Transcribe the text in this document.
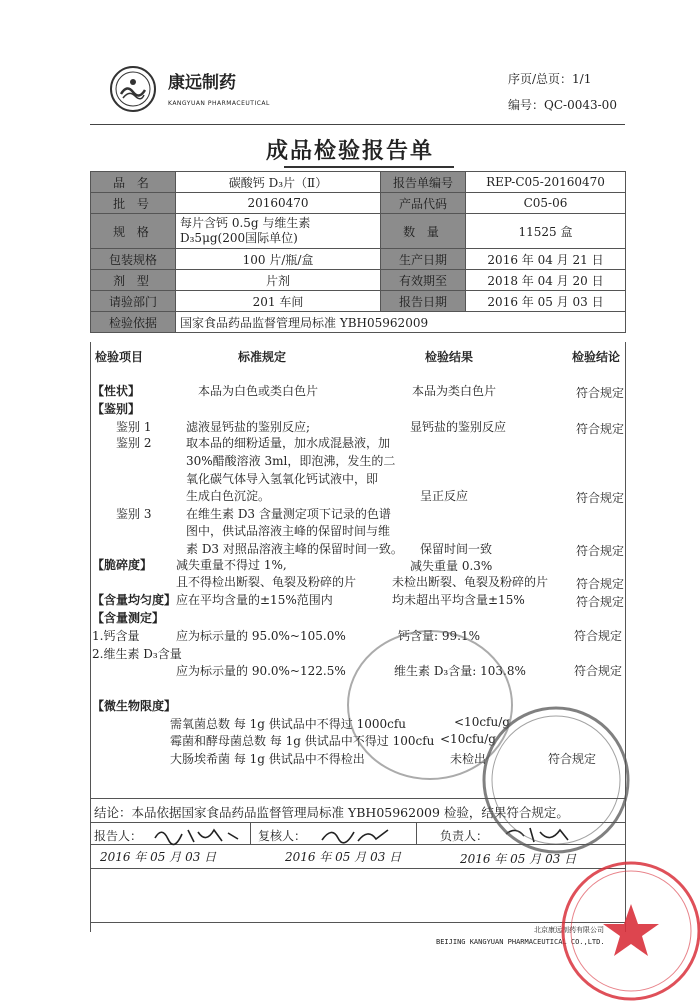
康远制药
KANGYUAN PHARMACEUTICAL
序页/总页：1/1
编号：QC-0043-00
成品检验报告单
品 名	碳酸钙 D₃片（Ⅱ）	报告单编号	REP-C05-20160470
批 号	20160470	产品代码	C05-06
规 格	每片含钙 0.5g 与维生素 D₃5μg(200国际单位)	数 量	11525 盒
包装规格	100 片/瓶/盒	生产日期	2016 年 04 月 21 日
剂 型	片剂	有效期至	2018 年 04 月 20 日
请验部门	201 车间	报告日期	2016 年 05 月 03 日
检验依据	国家食品药品监督管理局标准 YBH05962009		
检验项目	标准规定	检验结果	检验结论
【性状】	本品为白色或类白色片	本品为类白色片	符合规定
【鉴别】
鉴别 1	滤液显钙盐的鉴别反应;	显钙盐的鉴别反应	符合规定
鉴别 2	取本品的细粉适量，加水成混悬液，加
30%醋酸溶液 3ml，即泡沸，发生的二
氧化碳气体导入氢氧化钙试液中，即
生成白色沉淀。	呈正反应	符合规定
鉴别 3	在维生素 D3 含量测定项下记录的色谱
图中，供试品溶液主峰的保留时间与维
素 D3 对照品溶液主峰的保留时间一致。 保留时间一致	符合规定
【脆碎度】 减失重量不得过 1%,	减失重量 0.3%
且不得检出断裂、龟裂及粉碎的片	未检出断裂、龟裂及粉碎的片 符合规定
【含量均匀度】 应在平均含量的±15%范围内	均未超出平均含量±15%	符合规定
【含量测定】
1.钙含量	应为标示量的 95.0%~105.0%	钙含量: 99.1%	符合规定
2.维生素 D₃含量
应为标示量的 90.0%~122.5%	维生素 D₃含量: 103.8%	符合规定
【微生物限度】
需氧菌总数 每 1g 供试品中不得过 1000cfu	<10cfu/g
霉菌和酵母菌总数 每 1g 供试品中不得过 100cfu <10cfu/g
大肠埃希菌 每 1g 供试品中不得检出	未检出	符合规定
结论：本品依据国家食品药品监督管理局标准 YBH05962009 检验，结果符合规定。
报告人：	复核人：	负责人：
2016 年 05 月 03 日	2016 年 05 月 03 日	2016 年 05 月 03 日
北京康远制药有限公司
BEIJING KANGYUAN PHARMACEUTICAL CO.,LTD.
